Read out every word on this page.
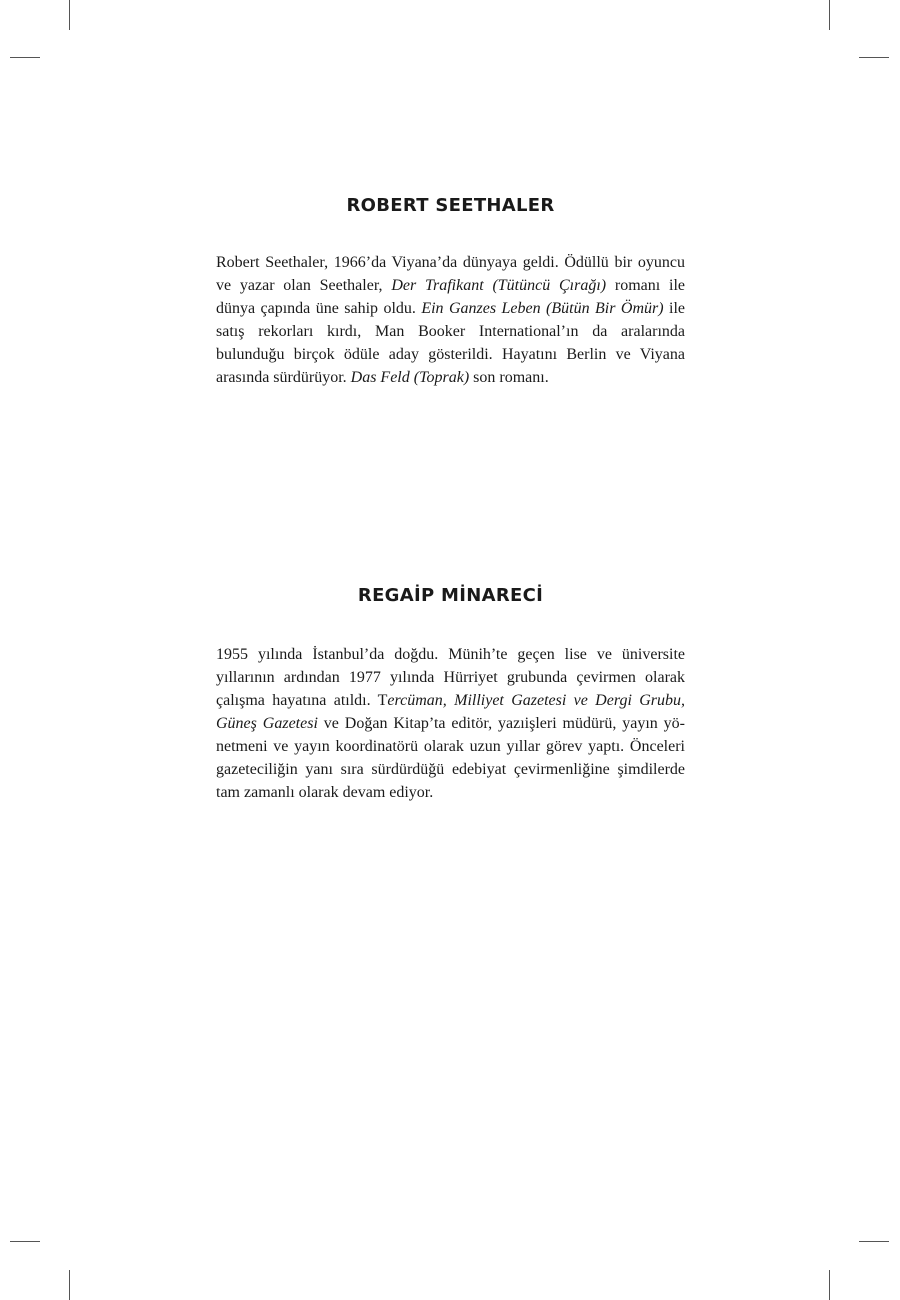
ROBERT SEETHALER

Robert Seethaler, 1966’da Viyana’da dünyaya geldi. Ödüllü bir oyuncu ve yazar olan Seethaler, Der Trafikant (Tütüncü Çırağı) romanı ile dünya çapında üne sahip oldu. Ein Ganzes Leben (Bütün Bir Ömür) ile satış rekorları kırdı, Man Booker International’ın da aralarında bulunduğu birçok ödüle aday gösterildi. Hayatını Berlin ve Viyana arasında sürdürüyor. Das Feld (Toprak) son romanı.

REGAİP MİNARECİ

1955 yılında İstanbul’da doğdu. Münih’te geçen lise ve üniversite yıllarının ardından 1977 yılında Hürriyet grubunda çevirmen olarak çalışma hayatına atıldı. Tercüman, Milliyet Gazetesi ve Dergi Grubu, Güneş Gazetesi ve Doğan Kitap’ta editör, yazıişleri müdürü, yayın yönetmeni ve yayın koordinatörü olarak uzun yıllar görev yaptı. Önceleri gazeteciliğin yanı sıra sürdürdüğü edebiyat çevirmenliğine şimdilerde tam zamanlı olarak devam ediyor.
